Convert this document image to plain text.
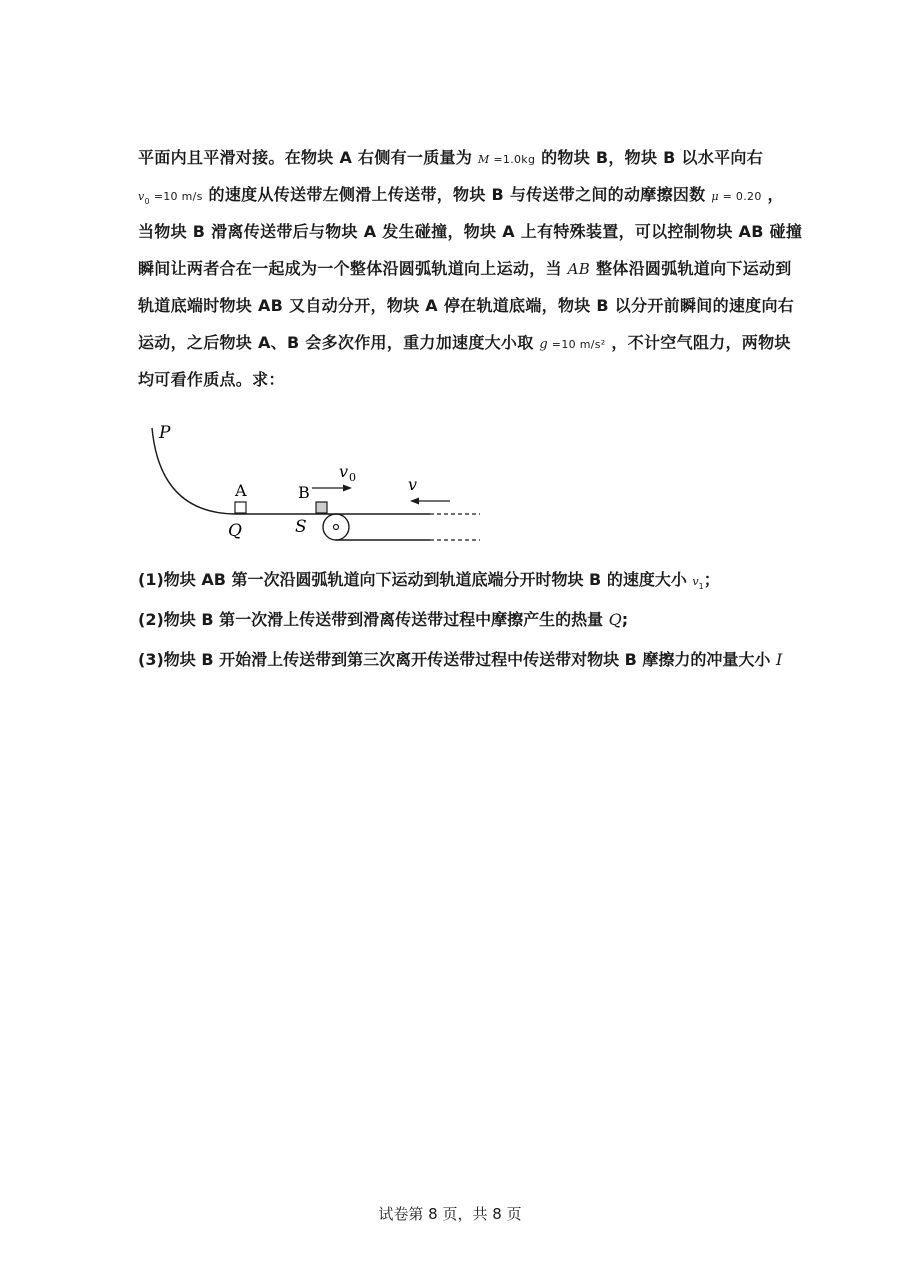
平面内且平滑对接。在物块 A 右侧有一质量为 M =1.0kg 的物块 B，物块 B 以水平向右
$v_0 =10$ m/s 的速度从传送带左侧滑上传送带，物块 B 与传送带之间的动摩擦因数 μ = 0.20 ，
当物块 B 滑离传送带后与物块 A 发生碰撞，物块 A 上有特殊装置，可以控制物块 AB 碰撞
瞬间让两者合在一起成为一个整体沿圆弧轨道向上运动，当 AB 整体沿圆弧轨道向下运动到
轨道底端时物块 AB 又自动分开，物块 A 停在轨道底端，物块 B 以分开前瞬间的速度向右
运动，之后物块 A、B 会多次作用，重力加速度大小取 g =10 m/s² ，不计空气阻力，两物块
均可看作质点。求：
P
A	B
Q	S
v 0	v
(1)物块 AB 第一次沿圆弧轨道向下运动到轨道底端分开时物块 B 的速度大小 $v_1$；
(2)物块 B 第一次滑上传送带到滑离传送带过程中摩擦产生的热量 Q;
(3)物块 B 开始滑上传送带到第三次离开传送带过程中传送带对物块 B 摩擦力的冲量大小 I
试卷第 8 页，共 8 页
